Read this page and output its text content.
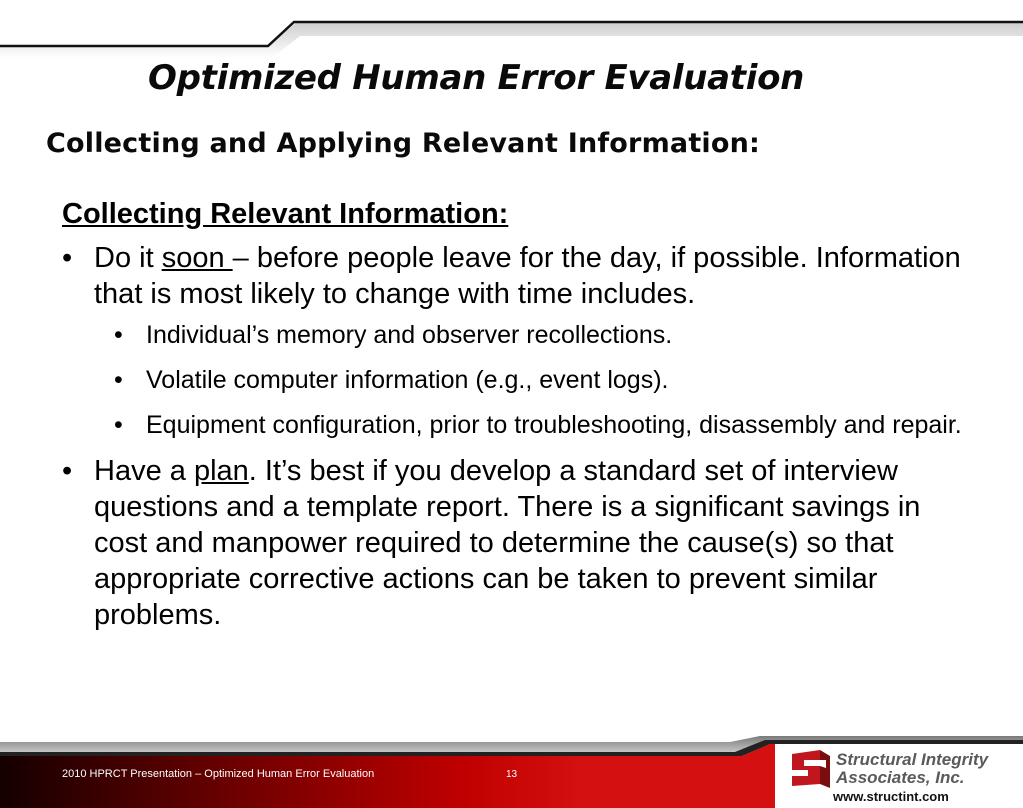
Optimized Human Error Evaluation
Collecting and Applying Relevant Information:
Collecting Relevant Information:
• Do it soon – before people leave for the day, if possible. Information that is most likely to change with time includes.
• Individual’s memory and observer recollections.
• Volatile computer information (e.g., event logs).
• Equipment configuration, prior to troubleshooting, disassembly and repair.
• Have a plan. It’s best if you develop a standard set of interview questions and a template report. There is a significant savings in cost and manpower required to determine the cause(s) so that appropriate corrective actions can be taken to prevent similar problems.
2010 HPRCT Presentation – Optimized Human Error Evaluation	13
Structural Integrity
Associates, Inc.
www.structint.com
